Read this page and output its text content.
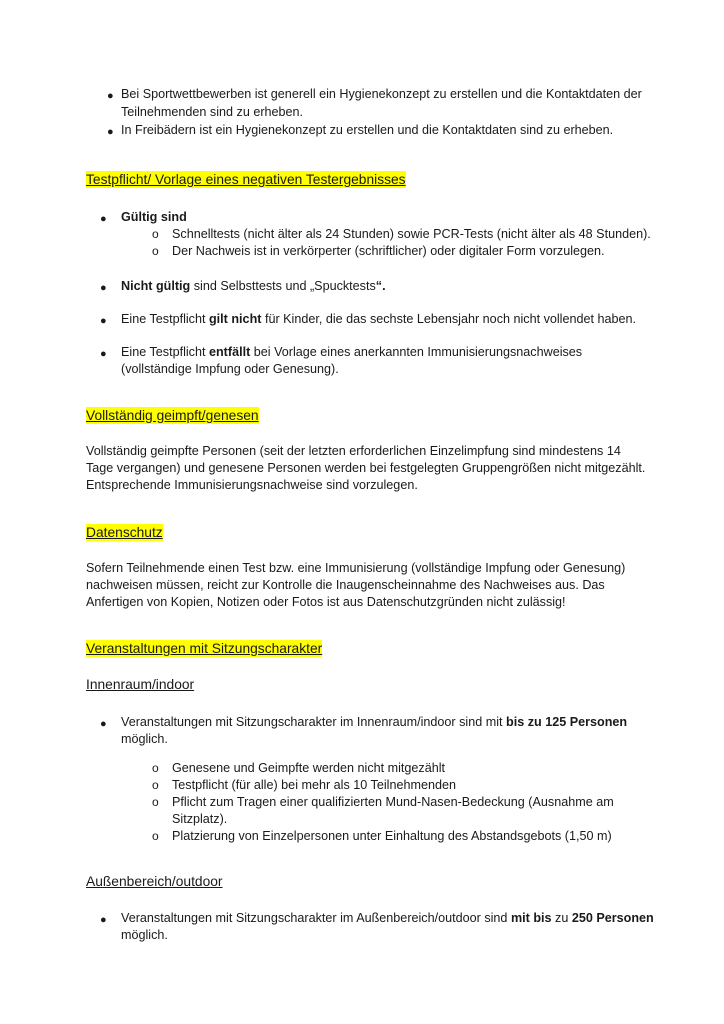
● Bei Sportwettbewerben ist generell ein Hygienekonzept zu erstellen und die Kontaktdaten der
Teilnehmenden sind zu erheben.
● In Freibädern ist ein Hygienekonzept zu erstellen und die Kontaktdaten sind zu erheben.
Testpflicht/ Vorlage eines negativen Testergebnisses
● Gültig sind
o Schnelltests (nicht älter als 24 Stunden) sowie PCR-Tests (nicht älter als 48 Stunden).
o Der Nachweis ist in verkörperter (schriftlicher) oder digitaler Form vorzulegen.
● Nicht gültig sind Selbsttests und „Spucktests“.
● Eine Testpflicht gilt nicht für Kinder, die das sechste Lebensjahr noch nicht vollendet haben.
● Eine Testpflicht entfällt bei Vorlage eines anerkannten Immunisierungsnachweises
(vollständige Impfung oder Genesung).
Vollständig geimpft/genesen
Vollständig geimpfte Personen (seit der letzten erforderlichen Einzelimpfung sind mindestens 14
Tage vergangen) und genesene Personen werden bei festgelegten Gruppengrößen nicht mitgezählt.
Entsprechende Immunisierungsnachweise sind vorzulegen.
Datenschutz
Sofern Teilnehmende einen Test bzw. eine Immunisierung (vollständige Impfung oder Genesung)
nachweisen müssen, reicht zur Kontrolle die Inaugenscheinnahme des Nachweises aus. Das
Anfertigen von Kopien, Notizen oder Fotos ist aus Datenschutzgründen nicht zulässig!
Veranstaltungen mit Sitzungscharakter
Innenraum/indoor
● Veranstaltungen mit Sitzungscharakter im Innenraum/indoor sind mit bis zu 125 Personen
möglich.
o Genesene und Geimpfte werden nicht mitgezählt
o Testpflicht (für alle) bei mehr als 10 Teilnehmenden
o Pflicht zum Tragen einer qualifizierten Mund-Nasen-Bedeckung (Ausnahme am
Sitzplatz).
o Platzierung von Einzelpersonen unter Einhaltung des Abstandsgebots (1,50 m)
Außenbereich/outdoor
● Veranstaltungen mit Sitzungscharakter im Außenbereich/outdoor sind mit bis zu 250 Personen
möglich.
